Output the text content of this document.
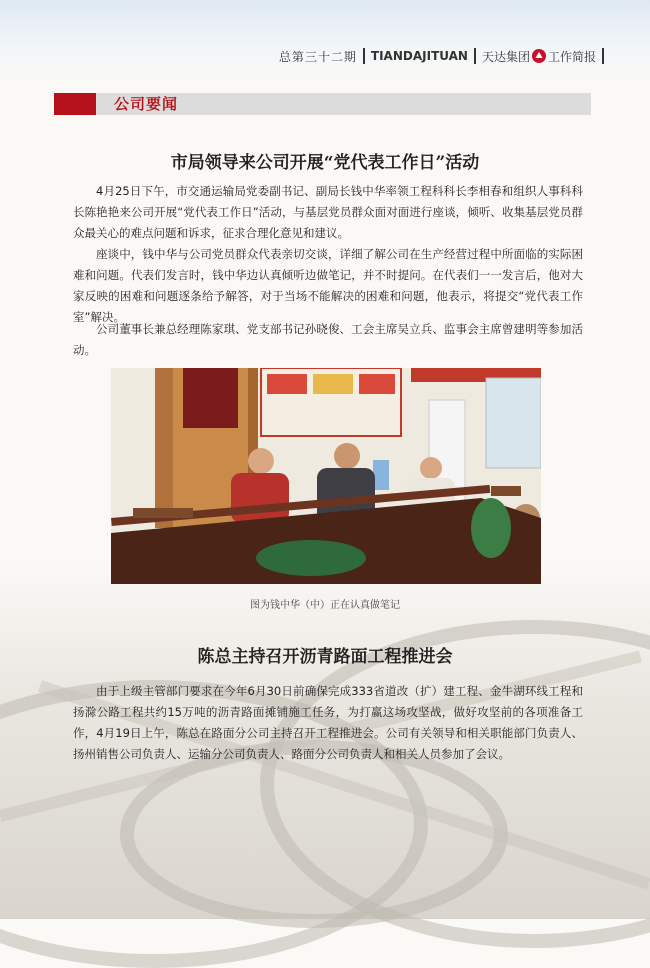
总第三十二期 TIANDAJITUAN 天达集团 ⛰ 工作简报
公司要闻
市局领导来公司开展“党代表工作日”活动

4月25日下午，市交通运输局党委副书记、副局长钱中华率领工程科科长李相春和组织人事科科长陈艳艳来公司开展“党代表工作日”活动，与基层党员群众面对面进行座谈，倾听、收集基层党员群众最关心的难点问题和诉求，征求合理化意见和建议。

座谈中，钱中华与公司党员群众代表亲切交谈，详细了解公司在生产经营过程中所面临的实际困难和问题。代表们发言时，钱中华边认真倾听边做笔记，并不时提问。在代表们一一发言后，他对大家反映的困难和问题逐条给予解答，对于当场不能解决的困难和问题，他表示，将提交“党代表工作室”解决。

公司董事长兼总经理陈家琪、党支部书记孙晓俊、工会主席吴立兵、监事会主席曾建明等参加活动。

图为钱中华（中）正在认真做笔记
陈总主持召开沥青路面工程推进会

由于上级主管部门要求在今年6月30日前确保完成333省道改（扩）建工程、金牛湖环线工程和扬滁公路工程共约15万吨的沥青路面摊铺施工任务，为打赢这场攻坚战，做好攻坚前的各项准备工作，4月19日上午，陈总在路面分公司主持召开工程推进会。公司有关领导和相关职能部门负责人、扬州销售公司负责人、运输分公司负责人、路面分公司负责人和相关人员参加了会议。
